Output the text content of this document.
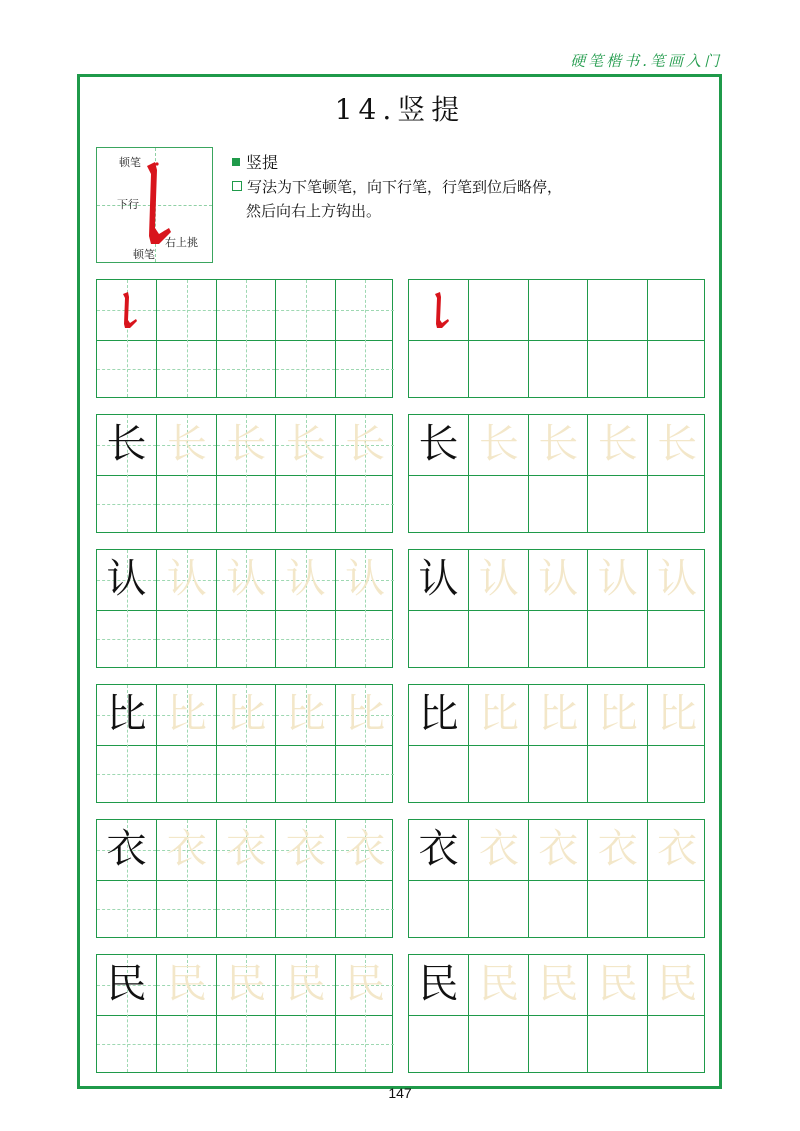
硬笔楷书.笔画入门
14.竖提
顿笔
下行
右上挑
顿笔
竖提
写法为下笔顿笔，向下行笔，行笔到位后略停，
然后向右上方钩出。
长 长 长 长 长 长 长 长 长 长
认 认 认 认 认 认 认 认 认 认
比 比 比 比 比 比 比 比 比 比
衣 衣 衣 衣 衣 衣 衣 衣 衣 衣
民 民 民 民 民 民 民 民 民 民
147
